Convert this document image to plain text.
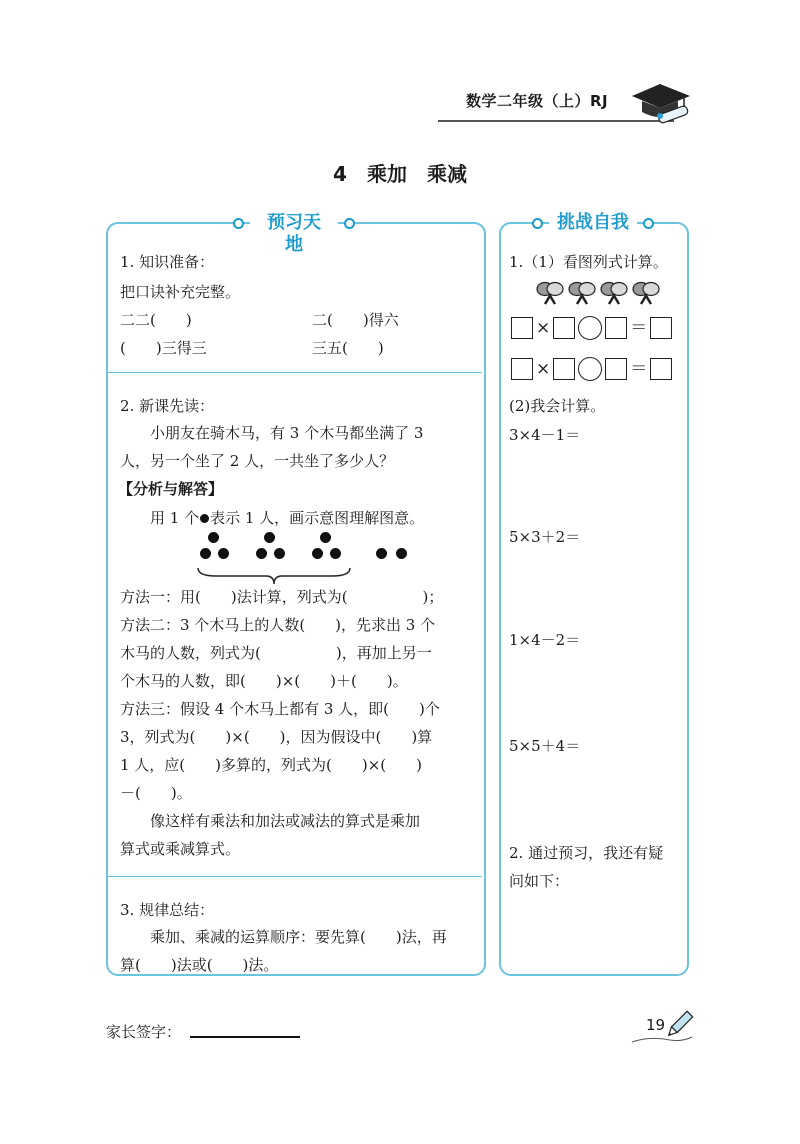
数学二年级（上）RJ
4　乘加　乘减
预习天地
1. 知识准备：
把口诀补充完整。
二二(　　)	二(　　)得六
(　　)三得三	三五(　　)
2. 新课先读：
小朋友在骑木马，有 3 个木马都坐满了 3
人，另一个坐了 2 人，一共坐了多少人？
【分析与解答】
用 1 个 表示 1 人，画示意图理解图意。
方法一：用(　　)法计算，列式为(　　　　　)；
方法二：3 个木马上的人数(　　)，先求出 3 个
木马的人数，列式为(　　　　　)，再加上另一
个木马的人数，即(　　)×(　　)＋(　　)。
方法三：假设 4 个木马上都有 3 人，即(　　)个
3，列式为(　　)×(　　)，因为假设中(　　)算
1 人，应(　　)多算的，列式为(　　)×(　　)
－(　　)。
像这样有乘法和加法或减法的算式是乘加
算式或乘减算式。
3. 规律总结：
乘加、乘减的运算顺序：要先算(　　)法，再
算(　　)法或(　　)法。
挑战自我
1.（1）看图列式计算。
×	＝
×	＝
(2)我会计算。
3×4－1＝
5×3＋2＝
1×4－2＝
5×5＋4＝
2. 通过预习，我还有疑
问如下：
家长签字：	19
